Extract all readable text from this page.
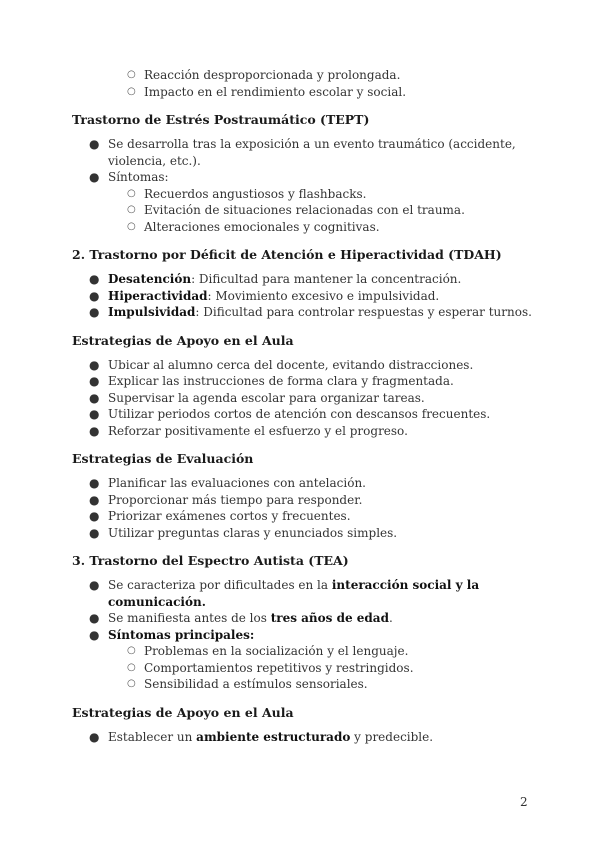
○ Reacción desproporcionada y prolongada.
○ Impacto en el rendimiento escolar y social.
Trastorno de Estrés Postraumático (TEPT)
● Se desarrolla tras la exposición a un evento traumático (accidente, violencia, etc.).
● Síntomas:
○ Recuerdos angustiosos y flashbacks.
○ Evitación de situaciones relacionadas con el trauma.
○ Alteraciones emocionales y cognitivas.
2. Trastorno por Déficit de Atención e Hiperactividad (TDAH)
● Desatención: Dificultad para mantener la concentración.
● Hiperactividad: Movimiento excesivo e impulsividad.
● Impulsividad: Dificultad para controlar respuestas y esperar turnos.
Estrategias de Apoyo en el Aula
● Ubicar al alumno cerca del docente, evitando distracciones.
● Explicar las instrucciones de forma clara y fragmentada.
● Supervisar la agenda escolar para organizar tareas.
● Utilizar periodos cortos de atención con descansos frecuentes.
● Reforzar positivamente el esfuerzo y el progreso.
Estrategias de Evaluación
● Planificar las evaluaciones con antelación.
● Proporcionar más tiempo para responder.
● Priorizar exámenes cortos y frecuentes.
● Utilizar preguntas claras y enunciados simples.
3. Trastorno del Espectro Autista (TEA)
● Se caracteriza por dificultades en la interacción social y la comunicación.
● Se manifiesta antes de los tres años de edad.
● Síntomas principales:
○ Problemas en la socialización y el lenguaje.
○ Comportamientos repetitivos y restringidos.
○ Sensibilidad a estímulos sensoriales.
Estrategias de Apoyo en el Aula
● Establecer un ambiente estructurado y predecible.
2
